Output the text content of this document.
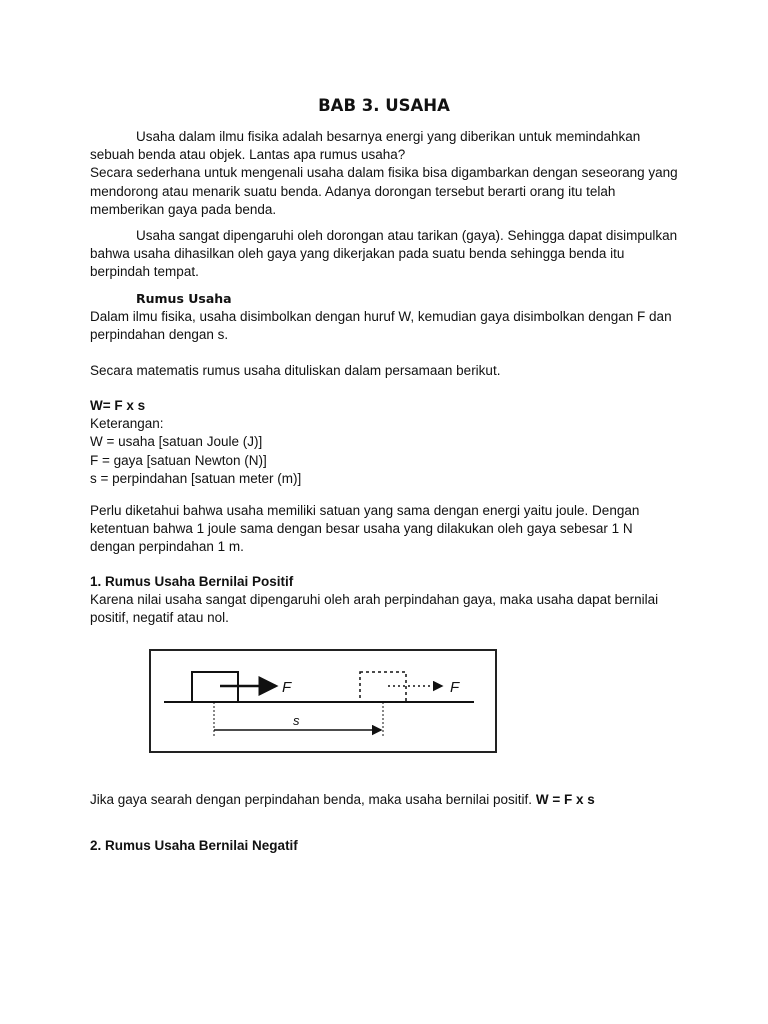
BAB 3. USAHA

Usaha dalam ilmu fisika adalah besarnya energi yang diberikan untuk memindahkan sebuah benda atau objek. Lantas apa rumus usaha?

Secara sederhana untuk mengenali usaha dalam fisika bisa digambarkan dengan seseorang yang mendorong atau menarik suatu benda. Adanya dorongan tersebut berarti orang itu telah memberikan gaya pada benda.

Usaha sangat dipengaruhi oleh dorongan atau tarikan (gaya). Sehingga dapat disimpulkan bahwa usaha dihasilkan oleh gaya yang dikerjakan pada suatu benda sehingga benda itu berpindah tempat.

Rumus Usaha

Dalam ilmu fisika, usaha disimbolkan dengan huruf W, kemudian gaya disimbolkan dengan F dan perpindahan dengan s.

Secara matematis rumus usaha dituliskan dalam persamaan berikut.

W= F x s

Keterangan:

W = usaha [satuan Joule (J)]

F = gaya [satuan Newton (N)]

s = perpindahan [satuan meter (m)]

Perlu diketahui bahwa usaha memiliki satuan yang sama dengan energi yaitu joule. Dengan ketentuan bahwa 1 joule sama dengan besar usaha yang dilakukan oleh gaya sebesar 1 N dengan perpindahan 1 m.

1. Rumus Usaha Bernilai Positif

Karena nilai usaha sangat dipengaruhi oleh arah perpindahan gaya, maka usaha dapat bernilai positif, negatif atau nol.

F	F
s

Jika gaya searah dengan perpindahan benda, maka usaha bernilai positif. W = F x s

2. Rumus Usaha Bernilai Negatif
